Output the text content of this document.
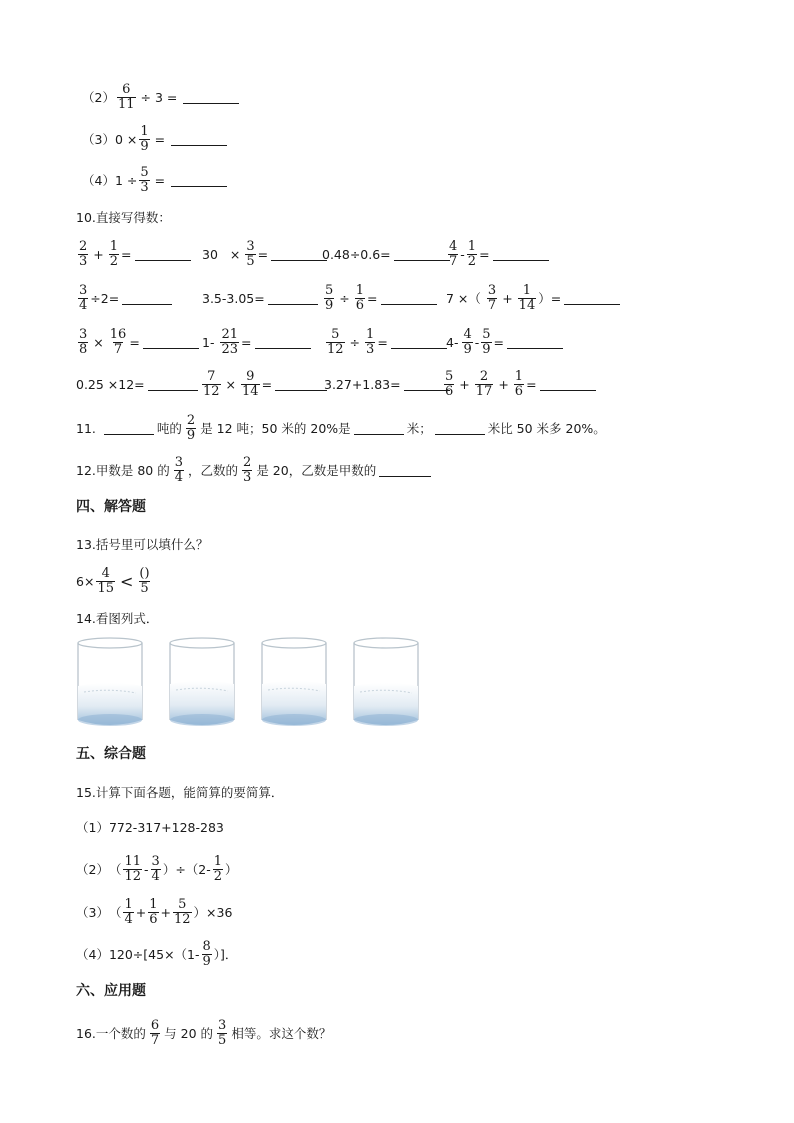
$(2) \frac{6}{11} \div 3$ =
（3） $0 \times \frac{1}{9}$ =
（4） $1 \div \frac{5}{3}$ =
10.直接写得数：
$\frac{2}{3} + \frac{1}{2}$ =	$30 \times \frac{3}{5}$ =	0.48÷0.6=	$\frac{4}{7} - \frac{1}{2}$ =
$\frac{3}{4} \div 2=$	3.5-3.05=	$\frac{5}{9} \div \frac{1}{6}$ =	7 ×（ $\frac{3}{7} + \frac{1}{14}$ ）=
$\frac{3}{8} \times \frac{16}{7}$ =	$1- \frac{21}{23}$ =	$\frac{5}{12} \div \frac{1}{3}$ =	$4- \frac{4}{9} - \frac{5}{9}$ =
0.25 ×12=	$\frac{7}{12} \times \frac{9}{14}$ =	3.27+1.83=	$\frac{5}{6} + \frac{2}{17} + \frac{1}{6}$ =
11.	吨的 $\frac{2}{9}$ 是 12 吨；50 米的 20%是	米；	米比 50 米多 20%。
12.甲数是 80 的 $\frac{3}{4}$ ，乙数的 $\frac{2}{3}$ 是 20，乙数是甲数的
四、解答题
13.括号里可以填什么？
$6\times \frac{4}{15} < \frac{()}{5}$
14.看图列式．
五、综合题
15.计算下面各题，能简算的要简算．
（1） 772-317+128-283
（2） （ $\frac{11}{12} - \frac{3}{4} )\div(2- \frac{1}{2}$ ）
（3） （ $\frac{1}{4} + \frac{1}{6} + \frac{5}{12} )\times 36$
（4） $120\div[45\times(1- \frac{8}{9}$ ）]．
六、应用题
16.一个数的 $\frac{6}{7}$ 与 20 的 $\frac{3}{5}$ 相等。求这个数？
